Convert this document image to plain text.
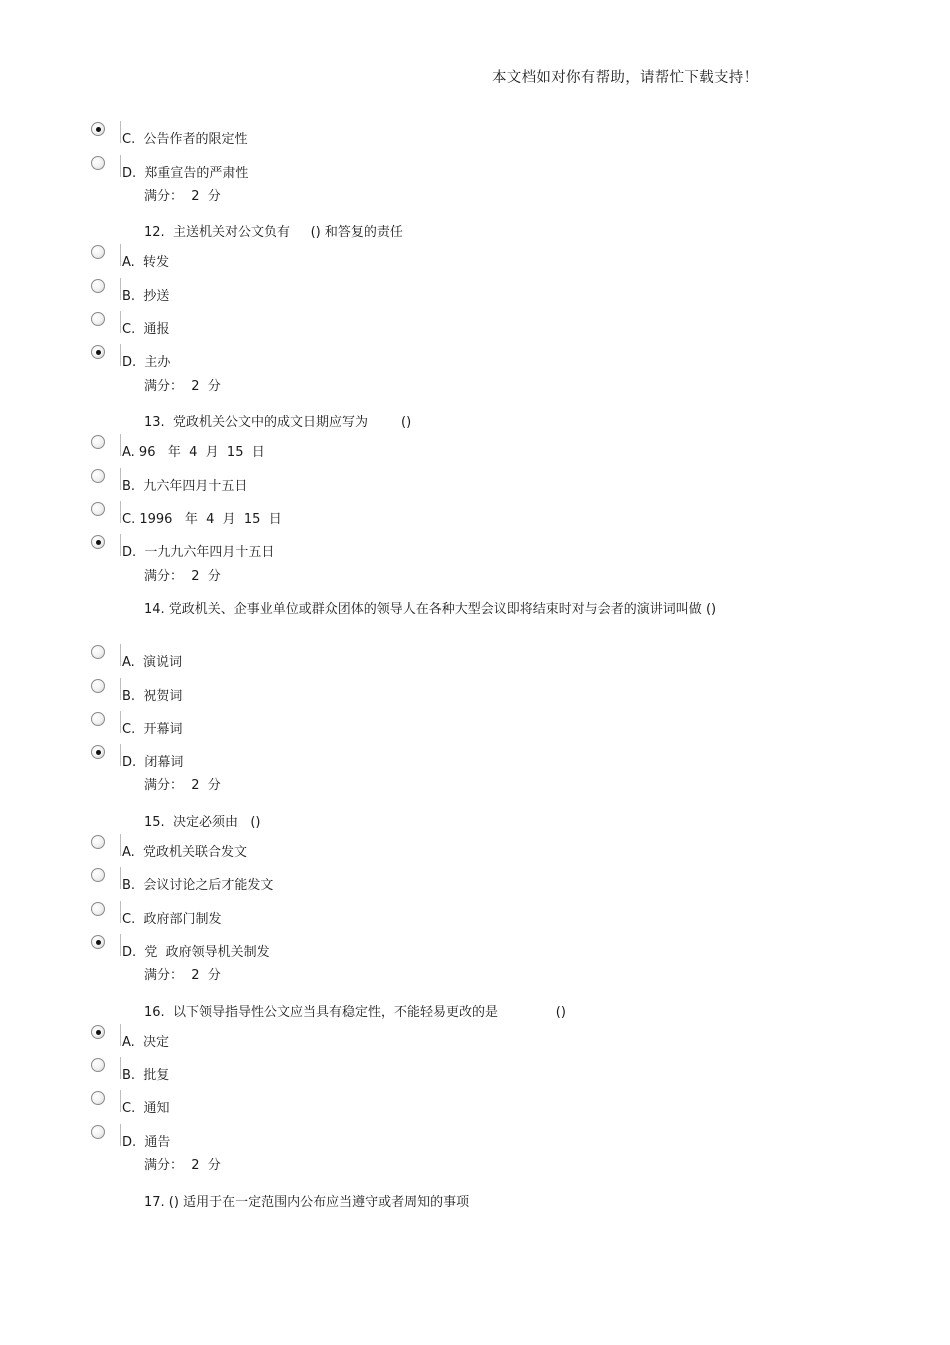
本文档如对你有帮助，请帮忙下载支持！
C.  公告作者的限定性
D.  郑重宣告的严肃性
满分：  2  分
12.  主送机关对公文负有     () 和答复的责任
A.  转发
B.  抄送
C.  通报
D.  主办
满分：  2  分
13.  党政机关公文中的成文日期应写为        ()
A. 96   年  4  月  15  日
B.  九六年四月十五日
C. 1996   年  4  月  15  日
D.  一九九六年四月十五日
满分：  2  分
14. 党政机关、企事业单位或群众团体的领导人在各种大型会议即将结束时对与会者的演讲词叫做 ()
A.  演说词
B.  祝贺词
C.  开幕词
D.  闭幕词
满分：  2  分
15.  决定必须由   ()
A.  党政机关联合发文
B.  会议讨论之后才能发文
C.  政府部门制发
D.  党  政府领导机关制发
满分：  2  分
16.  以下领导指导性公文应当具有稳定性，不能轻易更改的是              ()
A.  决定
B.  批复
C.  通知
D.  通告
满分：  2  分
17. () 适用于在一定范围内公布应当遵守或者周知的事项
